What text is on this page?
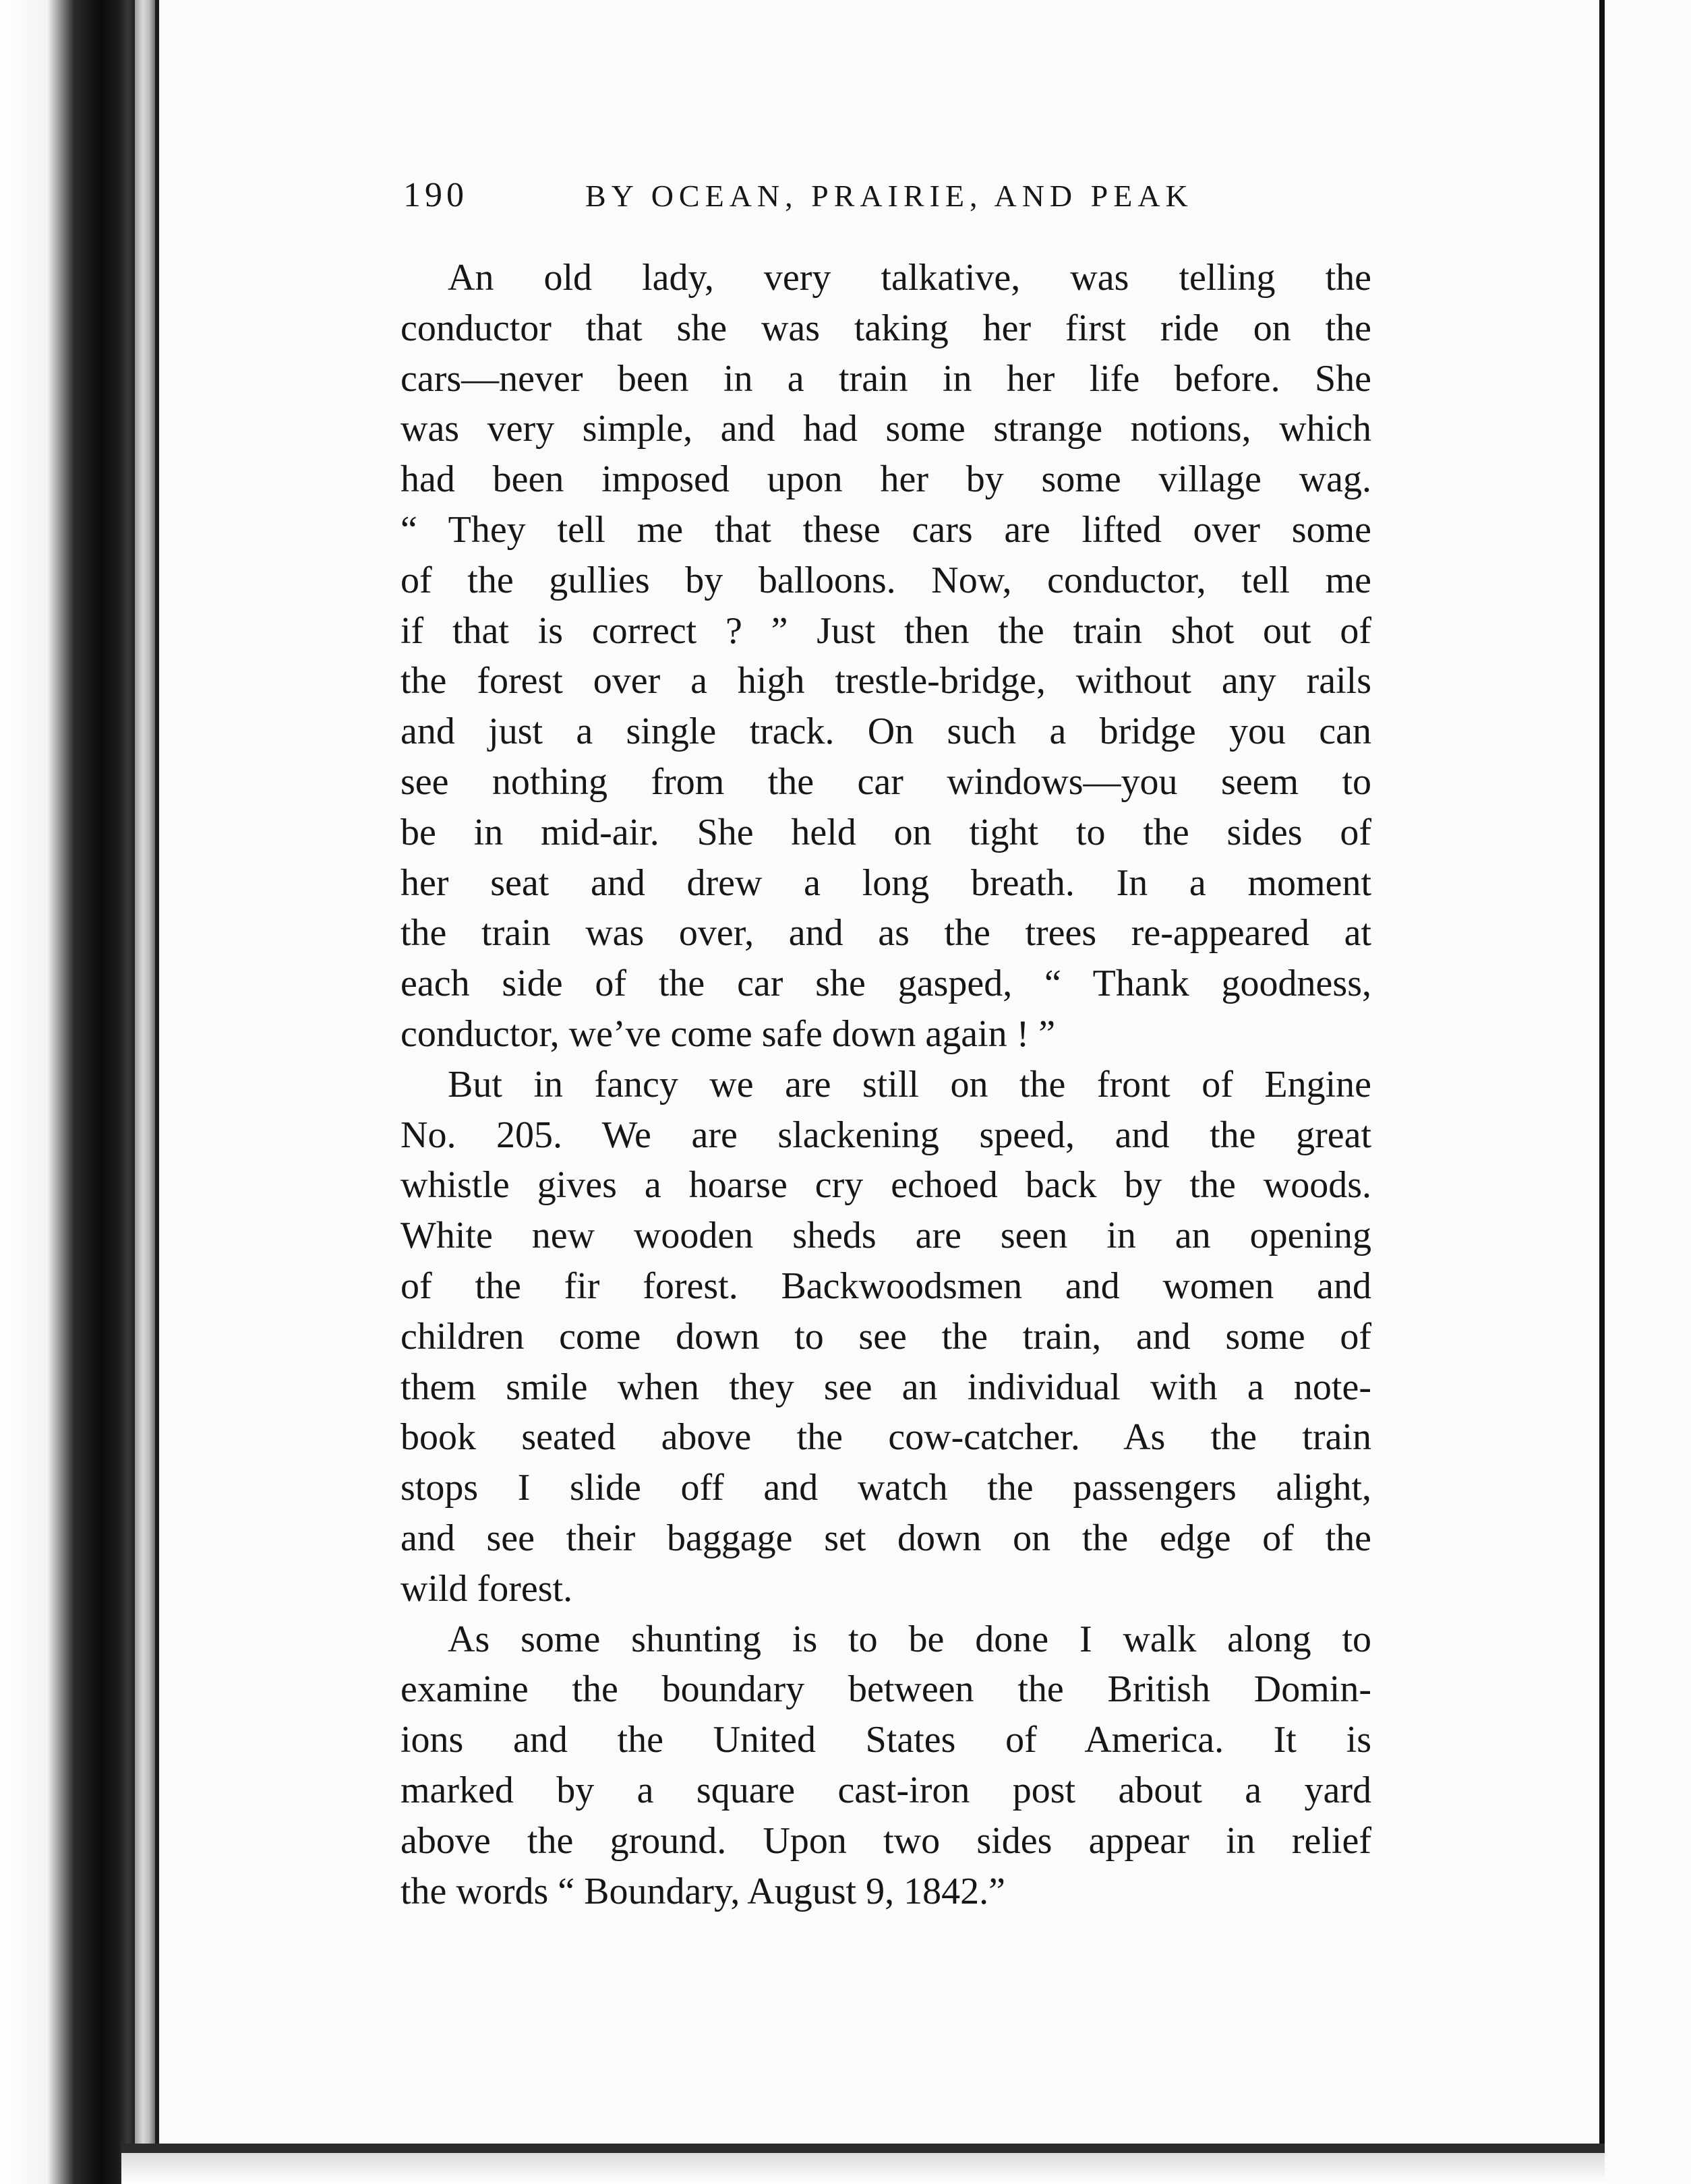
190	BY OCEAN, PRAIRIE, AND PEAK
An old lady, very talkative, was telling the
conductor that she was taking her first ride on the
cars—never been in a train in her life before. She
was very simple, and had some strange notions, which
had been imposed upon her by some village wag.
“ They tell me that these cars are lifted over some
of the gullies by balloons. Now, conductor, tell me
if that is correct ? ” Just then the train shot out of
the forest over a high trestle-bridge, without any rails
and just a single track. On such a bridge you can
see nothing from the car windows—you seem to
be in mid-air. She held on tight to the sides of
her seat and drew a long breath. In a moment
the train was over, and as the trees re-appeared at
each side of the car she gasped, “ Thank goodness,
conductor, we’ve come safe down again ! ”
But in fancy we are still on the front of Engine
No. 205. We are slackening speed, and the great
whistle gives a hoarse cry echoed back by the woods.
White new wooden sheds are seen in an opening
of the fir forest. Backwoodsmen and women and
children come down to see the train, and some of
them smile when they see an individual with a note-
book seated above the cow-catcher. As the train
stops I slide off and watch the passengers alight,
and see their baggage set down on the edge of the
wild forest.
As some shunting is to be done I walk along to
examine the boundary between the British Domin-
ions and the United States of America. It is
marked by a square cast-iron post about a yard
above the ground. Upon two sides appear in relief
the words “ Boundary, August 9, 1842.”
